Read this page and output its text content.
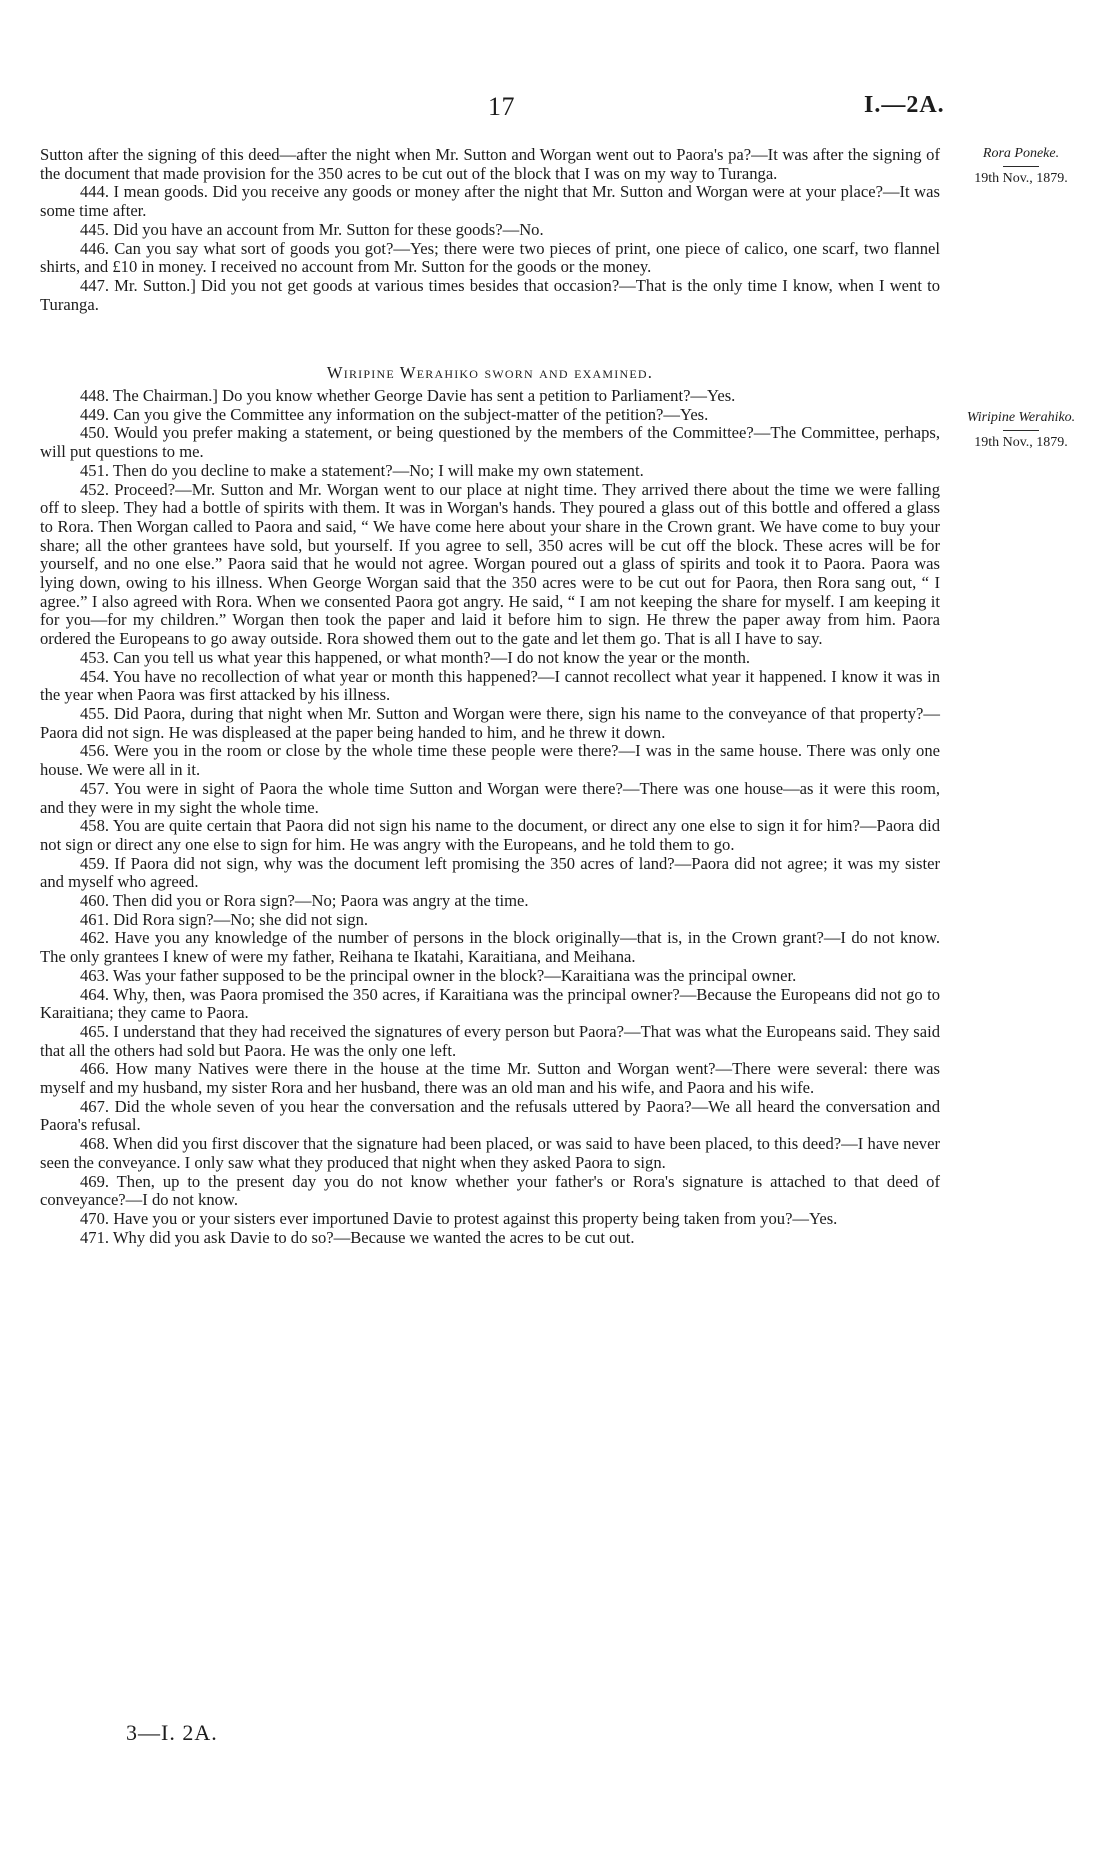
17	I.—2A.
Rora Poneke.
19th Nov., 1879.
Wiripine Werahiko.
19th Nov., 1879.

Sutton after the signing of this deed—after the night when Mr. Sutton and Worgan went out to Paora's pa?—It was after the signing of the document that made provision for the 350 acres to be cut out of the block that I was on my way to Turanga.

444. I mean goods. Did you receive any goods or money after the night that Mr. Sutton and Worgan were at your place?—It was some time after.

445. Did you have an account from Mr. Sutton for these goods?—No.

446. Can you say what sort of goods you got?—Yes; there were two pieces of print, one piece of calico, one scarf, two flannel shirts, and £10 in money. I received no account from Mr. Sutton for the goods or the money.

447. Mr. Sutton.] Did you not get goods at various times besides that occasion?—That is the only time I know, when I went to Turanga.

Wiripine Werahiko sworn and examined.

448. The Chairman.] Do you know whether George Davie has sent a petition to Parliament?—Yes.

449. Can you give the Committee any information on the subject-matter of the petition?—Yes.

450. Would you prefer making a statement, or being questioned by the members of the Committee?—The Committee, perhaps, will put questions to me.

451. Then do you decline to make a statement?—No; I will make my own statement.

452. Proceed?—Mr. Sutton and Mr. Worgan went to our place at night time. They arrived there about the time we were falling off to sleep. They had a bottle of spirits with them. It was in Worgan's hands. They poured a glass out of this bottle and offered a glass to Rora. Then Worgan called to Paora and said, “ We have come here about your share in the Crown grant. We have come to buy your share; all the other grantees have sold, but yourself. If you agree to sell, 350 acres will be cut off the block. These acres will be for yourself, and no one else.” Paora said that he would not agree. Worgan poured out a glass of spirits and took it to Paora. Paora was lying down, owing to his illness. When George Worgan said that the 350 acres were to be cut out for Paora, then Rora sang out, “ I agree.” I also agreed with Rora. When we consented Paora got angry. He said, “ I am not keeping the share for myself. I am keeping it for you—for my children.” Worgan then took the paper and laid it before him to sign. He threw the paper away from him. Paora ordered the Europeans to go away outside. Rora showed them out to the gate and let them go. That is all I have to say.

453. Can you tell us what year this happened, or what month?—I do not know the year or the month.

454. You have no recollection of what year or month this happened?—I cannot recollect what year it happened. I know it was in the year when Paora was first attacked by his illness.

455. Did Paora, during that night when Mr. Sutton and Worgan were there, sign his name to the conveyance of that property?—Paora did not sign. He was displeased at the paper being handed to him, and he threw it down.

456. Were you in the room or close by the whole time these people were there?—I was in the same house. There was only one house. We were all in it.

457. You were in sight of Paora the whole time Sutton and Worgan were there?—There was one house—as it were this room, and they were in my sight the whole time.

458. You are quite certain that Paora did not sign his name to the document, or direct any one else to sign it for him?—Paora did not sign or direct any one else to sign for him. He was angry with the Europeans, and he told them to go.

459. If Paora did not sign, why was the document left promising the 350 acres of land?—Paora did not agree; it was my sister and myself who agreed.

460. Then did you or Rora sign?—No; Paora was angry at the time.

461. Did Rora sign?—No; she did not sign.

462. Have you any knowledge of the number of persons in the block originally—that is, in the Crown grant?—I do not know. The only grantees I knew of were my father, Reihana te Ikatahi, Karaitiana, and Meihana.

463. Was your father supposed to be the principal owner in the block?—Karaitiana was the principal owner.

464. Why, then, was Paora promised the 350 acres, if Karaitiana was the principal owner?—Because the Europeans did not go to Karaitiana; they came to Paora.

465. I understand that they had received the signatures of every person but Paora?—That was what the Europeans said. They said that all the others had sold but Paora. He was the only one left.

466. How many Natives were there in the house at the time Mr. Sutton and Worgan went?—There were several: there was myself and my husband, my sister Rora and her husband, there was an old man and his wife, and Paora and his wife.

467. Did the whole seven of you hear the conversation and the refusals uttered by Paora?—We all heard the conversation and Paora's refusal.

468. When did you first discover that the signature had been placed, or was said to have been placed, to this deed?—I have never seen the conveyance. I only saw what they produced that night when they asked Paora to sign.

469. Then, up to the present day you do not know whether your father's or Rora's signature is attached to that deed of conveyance?—I do not know.

470. Have you or your sisters ever importuned Davie to protest against this property being taken from you?—Yes.

471. Why did you ask Davie to do so?—Because we wanted the acres to be cut out.

3—I. 2A.
